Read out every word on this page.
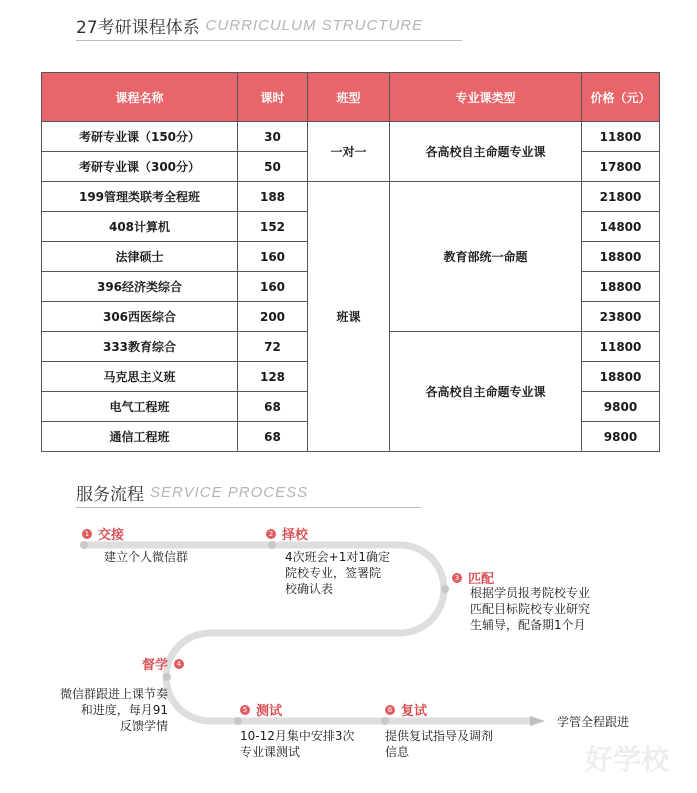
27考研课程体系 CURRICULUM STRUCTURE
课程名称	课时	班型	专业课类型	价格（元）
考研专业课（150分）	30	一对一	各高校自主命题专业课	11800
考研专业课（300分）	50			17800
199管理类联考全程班	188	班课	教育部统一命题	21800
408计算机	152			14800
法律硕士	160			18800
396经济类综合	160			18800
306西医综合	200			23800
333教育综合	72		各高校自主命题专业课	11800
马克思主义班	128			18800
电气工程班	68			9800
通信工程班	68			9800
服务流程 SERVICE PROCESS
1 交接
建立个人微信群
2 择校
4次班会+1对1确定
院校专业，签署院
校确认表
3 匹配
根据学员报考院校专业
匹配目标院校专业研究
生辅导，配备期1个月
4
督学
微信群跟进上课节奏
和进度，每月91
反馈学情
5 测试
10-12月集中安排3次
专业课测试
6 复试
提供复试指导及调剂
信息
学管全程跟进
好学校
